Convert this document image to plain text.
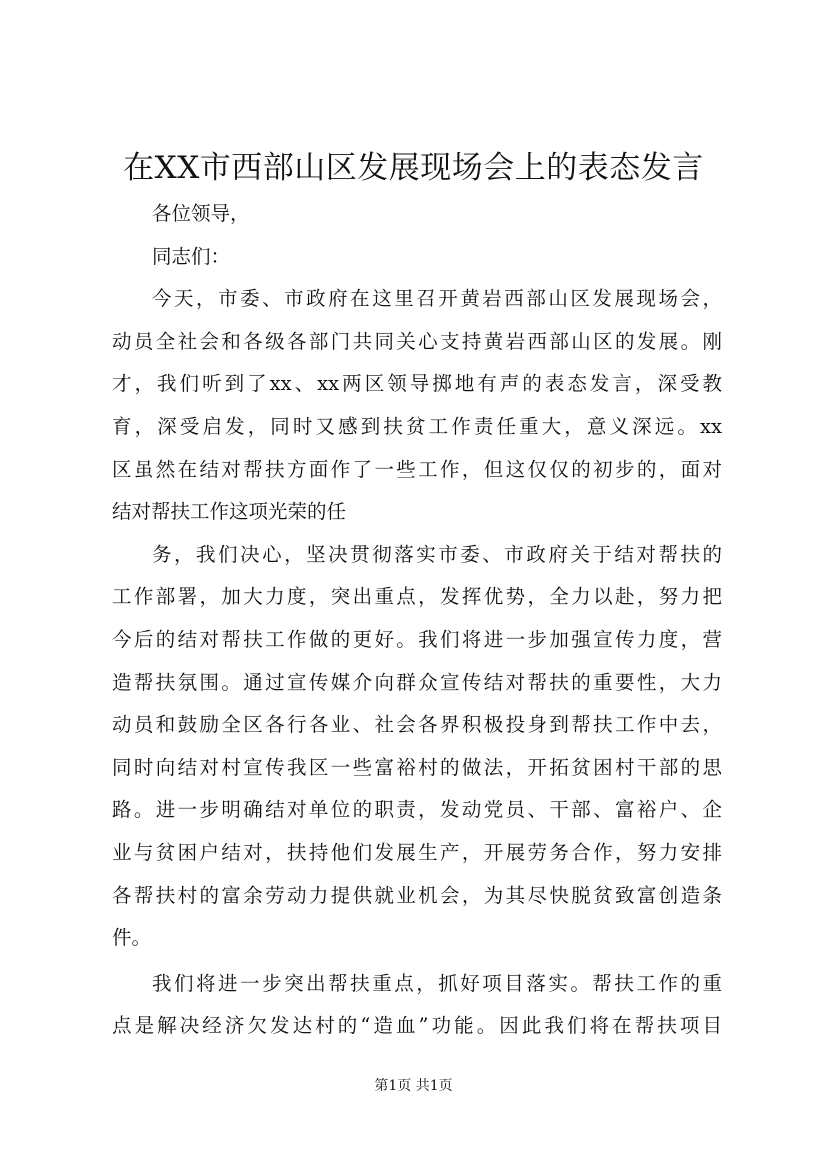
在XX市西部山区发展现场会上的表态发言
各位领导，
同志们：
今天，市委、市政府在这里召开黄岩西部山区发展现场会，
动员全社会和各级各部门共同关心支持黄岩西部山区的发展。刚
才，我们听到了xx、xx两区领导掷地有声的表态发言，深受教
育，深受启发，同时又感到扶贫工作责任重大，意义深远。xx
区虽然在结对帮扶方面作了一些工作，但这仅仅的初步的，面对
结对帮扶工作这项光荣的任
务，我们决心，坚决贯彻落实市委、市政府关于结对帮扶的
工作部署，加大力度，突出重点，发挥优势，全力以赴，努力把
今后的结对帮扶工作做的更好。我们将进一步加强宣传力度，营
造帮扶氛围。通过宣传媒介向群众宣传结对帮扶的重要性，大力
动员和鼓励全区各行各业、社会各界积极投身到帮扶工作中去，
同时向结对村宣传我区一些富裕村的做法，开拓贫困村干部的思
路。进一步明确结对单位的职责，发动党员、干部、富裕户、企
业与贫困户结对，扶持他们发展生产，开展劳务合作，努力安排
各帮扶村的富余劳动力提供就业机会，为其尽快脱贫致富创造条
件。
我们将进一步突出帮扶重点，抓好项目落实。帮扶工作的重
点是解决经济欠发达村的“造血”功能。因此我们将在帮扶项目
第1页 共1页
